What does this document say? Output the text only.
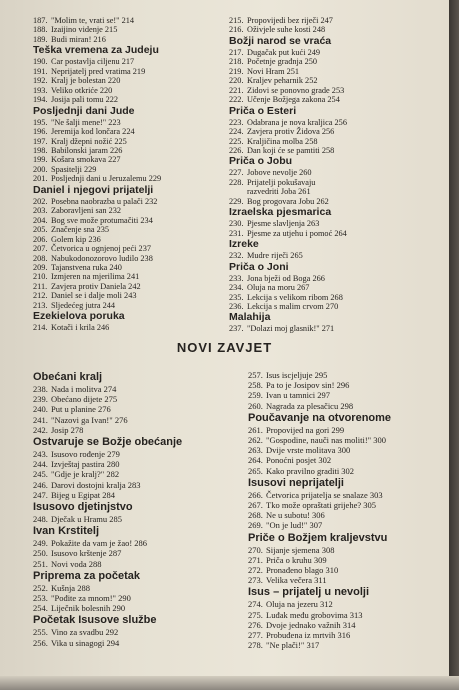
187. "Molim te, vrati se!" 214
188. Izaijino videnje 215
189. Budi miran! 216
Teška vremena za Judeju
190. Car postavlja ciljenu 217
191. Neprijatelj pred vratima 219
192. Kralj je bolestan 220
193. Veliko otkriće 220
194. Josija pali tomu 222
Posljednji dani Jude
195. "Ne šalji mene!" 223
196. Jeremija kod lončara 224
197. Kralj džepni nožić 225
198. Babilonski jaram 226
199. Košara smokava 227
200. Spasitelji 229
201. Posljednji dani u Jeruzalemu 229
Daniel i njegovi prijatelji
202. Posebna naobrazba u palači 232
203. Zaboravljeni san 232
204. Bog sve može protumačiti 234
205. Značenje sna 235
206. Golem kip 236
207. Četvorica u ognjenoj peći 237
208. Nabukodonozorovo ludilo 238
209. Tajanstvena ruka 240
210. Izmjeren na mjerilima 241
211. Zavjera protiv Daniela 242
212. Daniel se i dalje moli 243
213. Sljedećeg jutra 244
Ezekielova poruka
214. Kotači i krila 246
215. Propovijedi bez riječi 247
216. Oživjele suhe kosti 248
Božji narod se vraća
217. Dugačak put kući 249
218. Početnje građnja 250
219. Novi Hram 251
220. Kraljev peharnik 252
221. Zidovi se ponovno grade 253
222. Učenje Božjega zakona 254
Priča o Esteri
223. Odabrana je nova kraljica 256
224. Zavjera protiv Židova 256
225. Kraljičina molba 258
226. Dan koji će se pamtiti 258
Priča o Jobu
227. Jobove nevolje 260
228. Prijatelji pokušavaju
razvedriti Joba 261
229. Bog progovara Jobu 262
Izraelska pjesmarica
230. Pjesme slavljenja 263
231. Pjesme za utjehu i pomoć 264
Izreke
232. Mudre riječi 265
Priča o Joni
233. Jona bježi od Boga 266
234. Oluja na moru 267
235. Lekcija s velikom ribom 268
236. Lekcija s malim crvom 270
Malahija
237. "Dolazi moj glasnik!" 271
NOVI ZAVJET
Obećani kralj
238. Nada i molitva 274
239. Obećano dijete 275
240. Put u planine 276
241. "Nazovi ga Ivan!" 276
242. Josip 278
Ostvaruje se Božje obećanje
243. Isusovo rođenje 279
244. Izvještaj pastira 280
245. "Gdje je kralj?" 282
246. Darovi dostojni kralja 283
247. Bijeg u Egipat 284
Isusovo djetinjstvo
248. Dječak u Hramu 285
Ivan Krstitelj
249. Pokažite da vam je žao! 286
250. Isusovo krštenje 287
251. Novi voda 288
Priprema za početak
252. Kušnja 288
253. "Pođite za mnom!" 290
254. Liječnik bolesnih 290
Početak Isusove službe
255. Vino za svadbu 292
256. Vika u sinagogi 294
257. Isus iscjeljuje 295
258. Pa to je Josipov sin! 296
259. Ivan u tamnici 297
260. Nagrada za plesačicu 298
Poučavanje na otvorenome
261. Propovijed na gori 299
262. "Gospodine, nauči nas moliti!" 300
263. Dvije vrste molitava 300
264. Ponoćni posjet 302
265. Kako pravilno graditi 302
Isusovi neprijatelji
266. Četvorica prijatelja se snalaze 303
267. Tko može opraštati grijehe? 305
268. Ne u subotu! 306
269. "On je lud!" 307
Priče o Božjem kraljevstvu
270. Sijanje sjemena 308
271. Priča o kruhu 309
272. Pronađeno blago 310
273. Velika večera 311
Isus – prijatelj u nevolji
274. Oluja na jezeru 312
275. Luđak među grobovima 313
276. Dvoje jednako važnih 314
277. Probuđena iz mrtvih 316
278. "Ne plači!" 317
